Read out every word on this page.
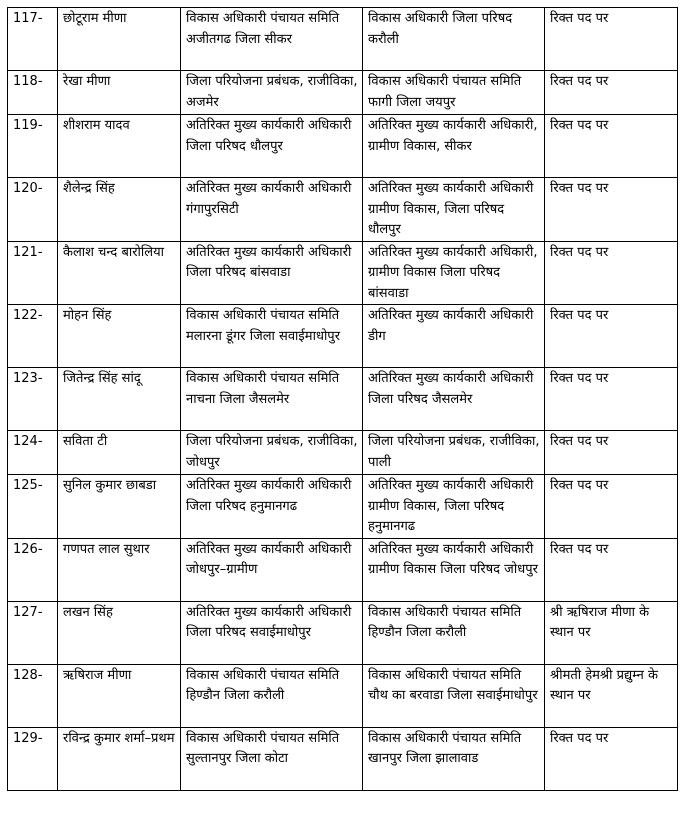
117-	छोटूराम मीणा	विकास अधिकारी पंचायत समिति अजीतगढ जिला सीकर	विकास अधिकारी जिला परिषद करौली	रिक्त पद पर
118-	रेखा मीणा	जिला परियोजना प्रबंधक, राजीविका, अजमेर	विकास अधिकारी पंचायत समिति फागी जिला जयपुर	रिक्त पद पर
119-	शीशराम यादव	अतिरिक्त मुख्य कार्यकारी अधिकारी जिला परिषद धौलपुर	अतिरिक्त मुख्य कार्यकारी अधिकारी, ग्रामीण विकास, सीकर	रिक्त पद पर
120-	शैलेन्द्र सिंह	अतिरिक्त मुख्य कार्यकारी अधिकारी गंगापुरसिटी	अतिरिक्त मुख्य कार्यकारी अधिकारी ग्रामीण विकास, जिला परिषद धौलपुर	रिक्त पद पर
121-	कैलाश चन्द बारोलिया	अतिरिक्त मुख्य कार्यकारी अधिकारी जिला परिषद बांसवाडा	अतिरिक्त मुख्य कार्यकारी अधिकारी, ग्रामीण विकास जिला परिषद बांसवाडा	रिक्त पद पर
122-	मोहन सिंह	विकास अधिकारी पंचायत समिति मलारना डूंगर जिला सवाईमाधोपुर	अतिरिक्त मुख्य कार्यकारी अधिकारी डीग	रिक्त पद पर
123-	जितेन्द्र सिंह सांदू	विकास अधिकारी पंचायत समिति नाचना जिला जैसलमेर	अतिरिक्त मुख्य कार्यकारी अधिकारी जिला परिषद जैसलमेर	रिक्त पद पर
124-	सविता टी	जिला परियोजना प्रबंधक, राजीविका, जोधपुर	जिला परियोजना प्रबंधक, राजीविका, पाली	रिक्त पद पर
125-	सुनिल कुमार छाबडा	अतिरिक्त मुख्य कार्यकारी अधिकारी जिला परिषद हनुमानगढ	अतिरिक्त मुख्य कार्यकारी अधिकारी ग्रामीण विकास, जिला परिषद हनुमानगढ	रिक्त पद पर
126-	गणपत लाल सुथार	अतिरिक्त मुख्य कार्यकारी अधिकारी जोधपुर–ग्रामीण	अतिरिक्त मुख्य कार्यकारी अधिकारी ग्रामीण विकास जिला परिषद जोधपुर	रिक्त पद पर
127-	लखन सिंह	अतिरिक्त मुख्य कार्यकारी अधिकारी जिला परिषद सवाईमाधोपुर	विकास अधिकारी पंचायत समिति हिण्डौन जिला करौली	श्री ऋषिराज मीणा के स्थान पर
128-	ऋषिराज मीणा	विकास अधिकारी पंचायत समिति हिण्डौन जिला करौली	विकास अधिकारी पंचायत समिति चौथ का बरवाडा जिला सवाईमाधोपुर	श्रीमती हेमश्री प्रद्युम्न के स्थान पर
129-	रविन्द्र कुमार शर्मा–प्रथम	विकास अधिकारी पंचायत समिति सुल्तानपुर जिला कोटा	विकास अधिकारी पंचायत समिति खानपुर जिला झालावाड	रिक्त पद पर
